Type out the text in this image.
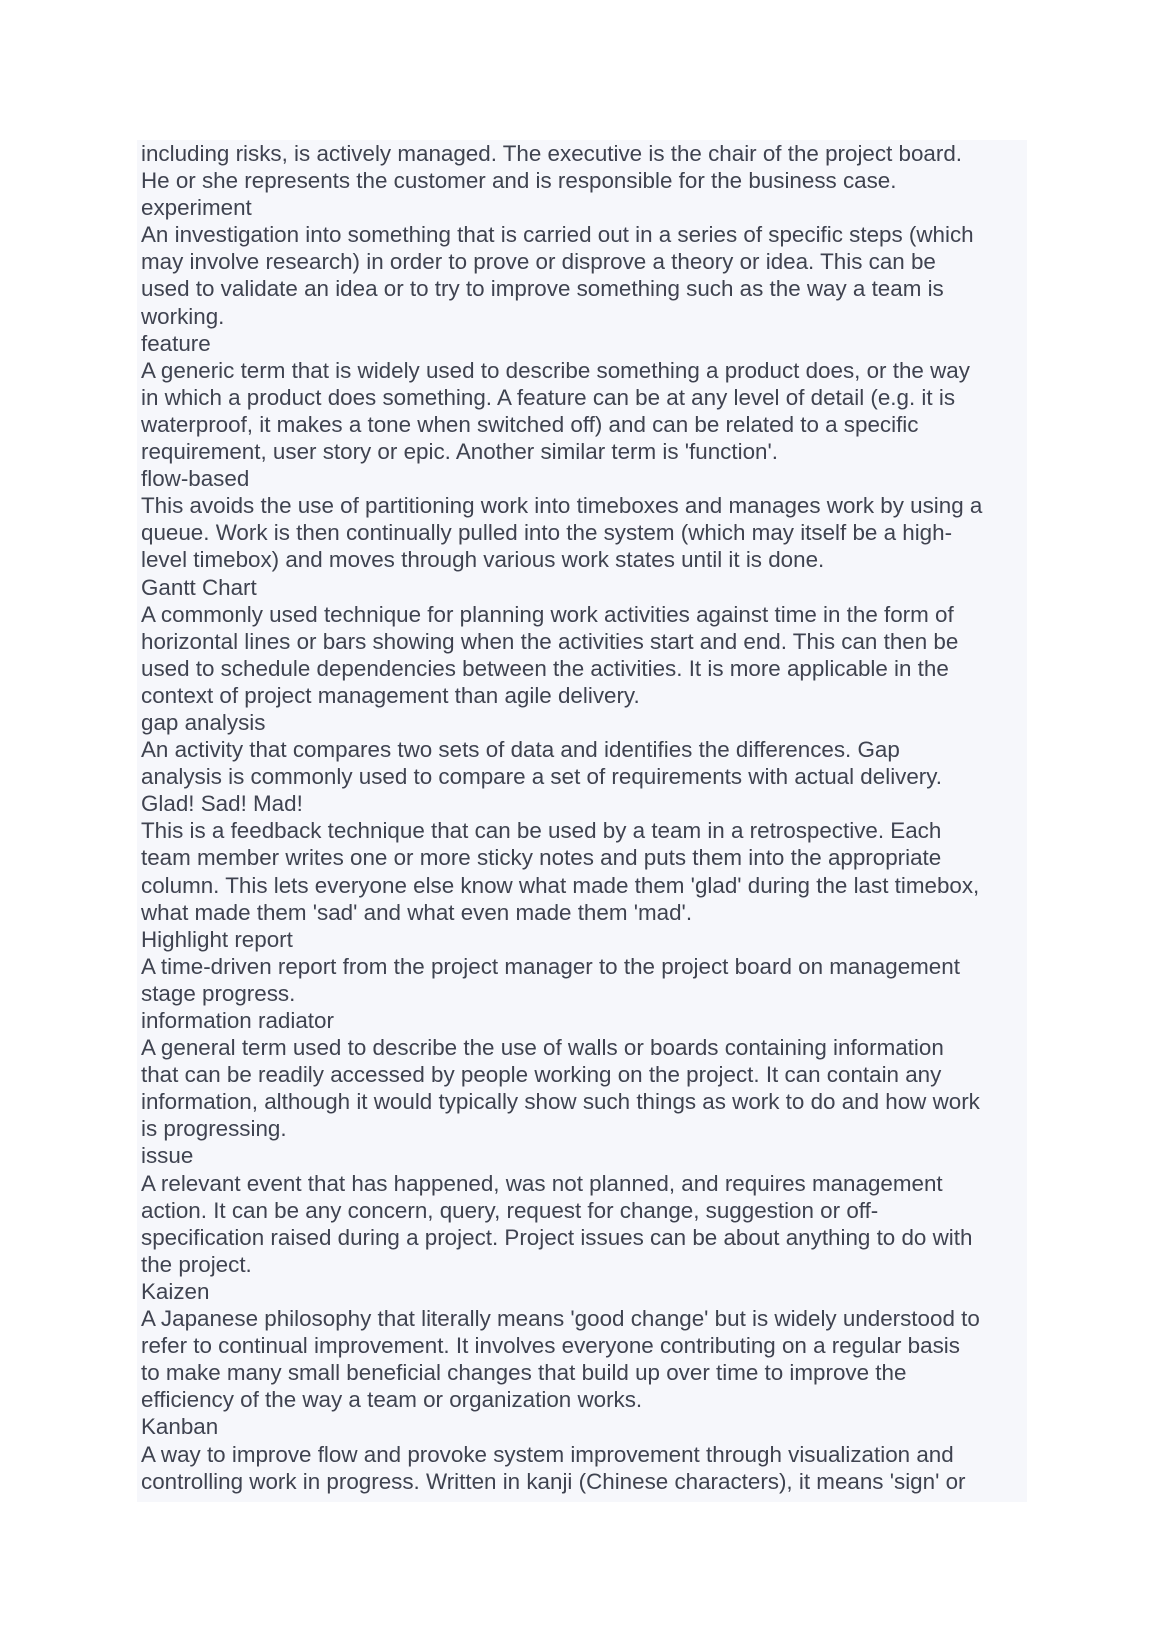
including risks, is actively managed. The executive is the chair of the project board.
He or she represents the customer and is responsible for the business case.
experiment
An investigation into something that is carried out in a series of specific steps (which
may involve research) in order to prove or disprove a theory or idea. This can be
used to validate an idea or to try to improve something such as the way a team is
working.
feature
A generic term that is widely used to describe something a product does, or the way
in which a product does something. A feature can be at any level of detail (e.g. it is
waterproof, it makes a tone when switched off) and can be related to a specific
requirement, user story or epic. Another similar term is 'function'.
flow-based
This avoids the use of partitioning work into timeboxes and manages work by using a
queue. Work is then continually pulled into the system (which may itself be a high-
level timebox) and moves through various work states until it is done.
Gantt Chart
A commonly used technique for planning work activities against time in the form of
horizontal lines or bars showing when the activities start and end. This can then be
used to schedule dependencies between the activities. It is more applicable in the
context of project management than agile delivery.
gap analysis
An activity that compares two sets of data and identifies the differences. Gap
analysis is commonly used to compare a set of requirements with actual delivery.
Glad! Sad! Mad!
This is a feedback technique that can be used by a team in a retrospective. Each
team member writes one or more sticky notes and puts them into the appropriate
column. This lets everyone else know what made them 'glad' during the last timebox,
what made them 'sad' and what even made them 'mad'.
Highlight report
A time-driven report from the project manager to the project board on management
stage progress.
information radiator
A general term used to describe the use of walls or boards containing information
that can be readily accessed by people working on the project. It can contain any
information, although it would typically show such things as work to do and how work
is progressing.
issue
A relevant event that has happened, was not planned, and requires management
action. It can be any concern, query, request for change, suggestion or off-
specification raised during a project. Project issues can be about anything to do with
the project.
Kaizen
A Japanese philosophy that literally means 'good change' but is widely understood to
refer to continual improvement. It involves everyone contributing on a regular basis
to make many small beneficial changes that build up over time to improve the
efficiency of the way a team or organization works.
Kanban
A way to improve flow and provoke system improvement through visualization and
controlling work in progress. Written in kanji (Chinese characters), it means 'sign' or
